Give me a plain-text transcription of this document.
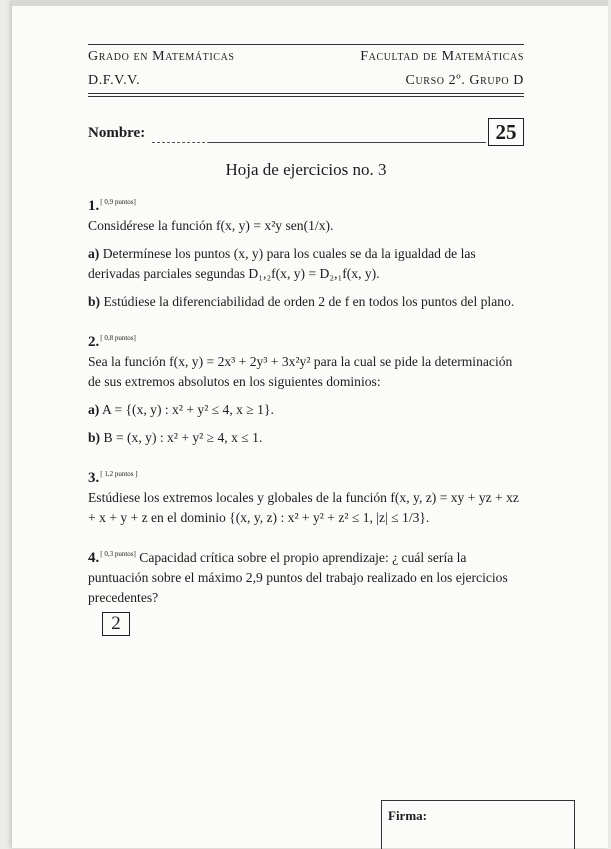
Grado en Matemáticas	Facultad de Matemáticas
D.F.V.V.	Curso 2º. Grupo D
Nombre:	25
Hoja de ejercicios no. 3

1.[ 0,9 puntos]

Considérese la función f(x, y) = x²y sen(1/x).

a) Determínese los puntos (x, y) para los cuales se da la igualdad de las derivadas parciales segundas D₁,₂f(x, y) = D₂,₁f(x, y).

b) Estúdiese la diferenciabilidad de orden 2 de f en todos los puntos del plano.

2.[ 0,8 puntos]

Sea la función f(x, y) = 2x³ + 2y³ + 3x²y² para la cual se pide la determinación de sus extremos absolutos en los siguientes dominios:

a) A = {(x, y) : x² + y² ≤ 4, x ≥ 1}.

b) B = (x, y) : x² + y² ≥ 4, x ≤ 1.

3.[ 1,2 puntos ]

Estúdiese los extremos locales y globales de la función f(x, y, z) = xy + yz + xz + x + y + z en el dominio {(x, y, z) : x² + y² + z² ≤ 1, |z| ≤ 1/3}.

4.[ 0,3 puntos] Capacidad crítica sobre el propio aprendizaje: ¿ cuál sería la puntuación sobre el máximo 2,9 puntos del trabajo realizado en los ejercicios precedentes?

2
Firma:
